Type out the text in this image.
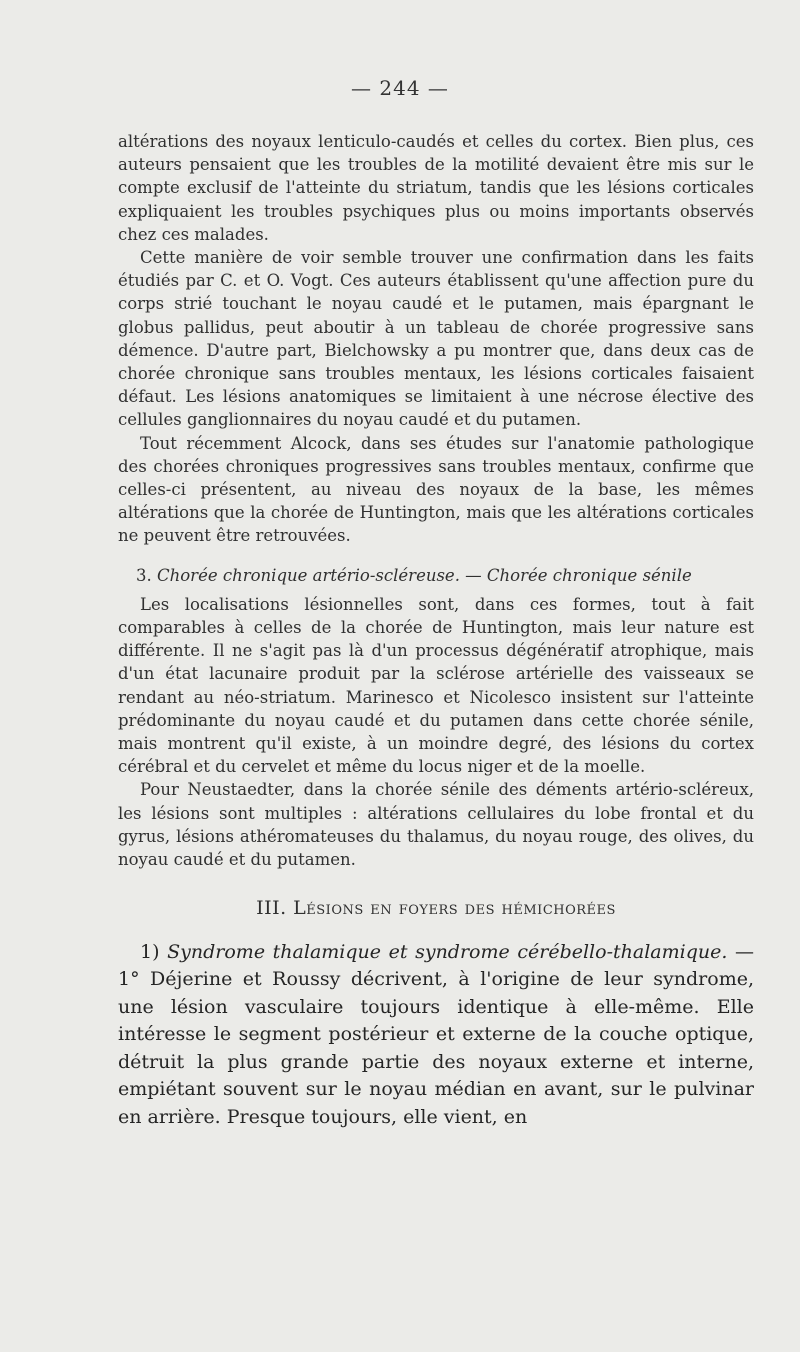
— 244 —

altérations des noyaux lenticulo-caudés et celles du cortex. Bien plus, ces auteurs pensaient que les troubles de la motilité devaient être mis sur le compte exclusif de l'atteinte du striatum, tandis que les lésions corticales expliquaient les troubles psychiques plus ou moins importants observés chez ces malades.

Cette manière de voir semble trouver une confirmation dans les faits étudiés par C. et O. Vogt. Ces auteurs établissent qu'une affection pure du corps strié touchant le noyau caudé et le putamen, mais épargnant le globus pallidus, peut aboutir à un tableau de chorée progressive sans démence. D'autre part, Bielchowsky a pu montrer que, dans deux cas de chorée chronique sans troubles mentaux, les lésions corticales faisaient défaut. Les lésions anatomiques se limitaient à une nécrose élective des cellules ganglionnaires du noyau caudé et du putamen.

Tout récemment Alcock, dans ses études sur l'anatomie pathologique des chorées chroniques progressives sans troubles mentaux, confirme que celles-ci présentent, au niveau des noyaux de la base, les mêmes altérations que la chorée de Huntington, mais que les altérations corticales ne peuvent être retrouvées.

3. Chorée chronique artério-scléreuse. — Chorée chronique sénile

Les localisations lésionnelles sont, dans ces formes, tout à fait comparables à celles de la chorée de Huntington, mais leur nature est différente. Il ne s'agit pas là d'un processus dégénératif atrophique, mais d'un état lacunaire produit par la sclérose artérielle des vaisseaux se rendant au néo-striatum. Marinesco et Nicolesco insistent sur l'atteinte prédominante du noyau caudé et du putamen dans cette chorée sénile, mais montrent qu'il existe, à un moindre degré, des lésions du cortex cérébral et du cervelet et même du locus niger et de la moelle.

Pour Neustaedter, dans la chorée sénile des déments artério-scléreux, les lésions sont multiples : altérations cellulaires du lobe frontal et du gyrus, lésions athéromateuses du thalamus, du noyau rouge, des olives, du noyau caudé et du putamen.

III. Lésions en foyers des hémichorées

1) Syndrome thalamique et syndrome cérébello-thalamique. — 1° Déjerine et Roussy décrivent, à l'origine de leur syndrome, une lésion vasculaire toujours identique à elle-même. Elle intéresse le segment postérieur et externe de la couche optique, détruit la plus grande partie des noyaux externe et interne, empiétant souvent sur le noyau médian en avant, sur le pulvinar en arrière. Presque toujours, elle vient, en
